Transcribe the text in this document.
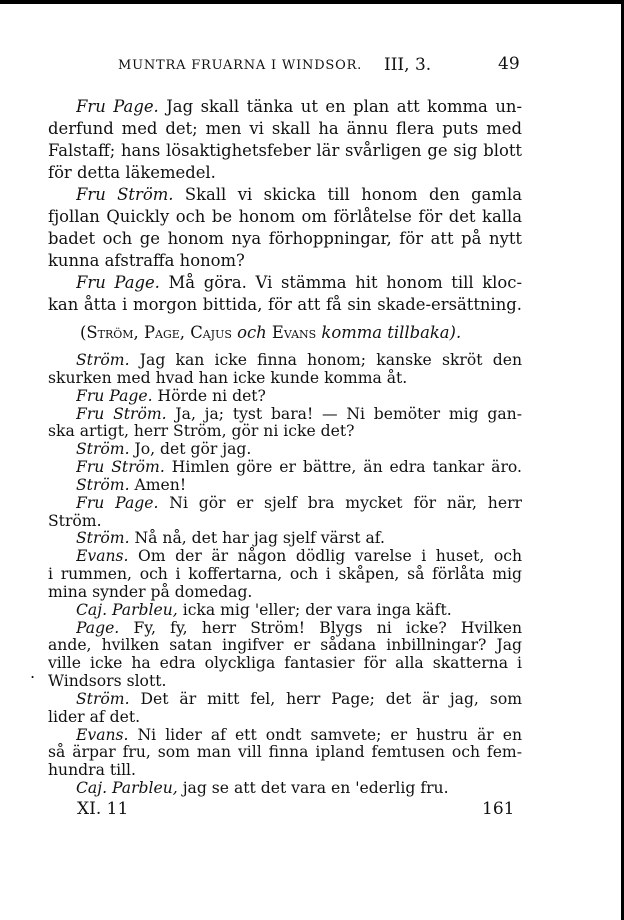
MUNTRA FRUARNA I WINDSOR. III, 3.	49
Fru Page. Jag skall tänka ut en plan att komma un-
derfund med det; men vi skall ha ännu flera puts med
Falstaff; hans lösaktighetsfeber lär svårligen ge sig blott
för detta läkemedel.
Fru Ström. Skall vi skicka till honom den gamla
fjollan Quickly och be honom om förlåtelse för det kalla
badet och ge honom nya förhoppningar, för att på nytt
kunna afstraffa honom?
Fru Page. Må göra. Vi stämma hit honom till kloc-
kan åtta i morgon bittida, för att få sin skade-ersättning.
(Ström, Page, Cajus och Evans komma tillbaka).
Ström. Jag kan icke finna honom; kanske skröt den
skurken med hvad han icke kunde komma åt.
Fru Page. Hörde ni det?
Fru Ström. Ja, ja; tyst bara! — Ni bemöter mig gan-
ska artigt, herr Ström, gör ni icke det?
Ström. Jo, det gör jag.
Fru Ström. Himlen göre er bättre, än edra tankar äro.
Ström. Amen!
Fru Page. Ni gör er sjelf bra mycket för när, herr
Ström.
Ström. Nå nå, det har jag sjelf värst af.
Evans. Om der är någon dödlig varelse i huset, och
i rummen, och i koffertarna, och i skåpen, så förlåta mig
mina synder på domedag.
Caj. Parbleu, icka mig 'eller; der vara inga käft.
Page. Fy, fy, herr Ström! Blygs ni icke? Hvilken
ande, hvilken satan ingifver er sådana inbillningar? Jag
ville icke ha edra olyckliga fantasier för alla skatterna i
Windsors slott.
Ström. Det är mitt fel, herr Page; det är jag, som
XI. 11	161
lider af det.
Evans. Ni lider af ett ondt samvete; er hustru är en
så ärpar fru, som man vill finna ipland femtusen och fem-
hundra till.
Caj. Parbleu, jag se att det vara en 'ederlig fru.
.
